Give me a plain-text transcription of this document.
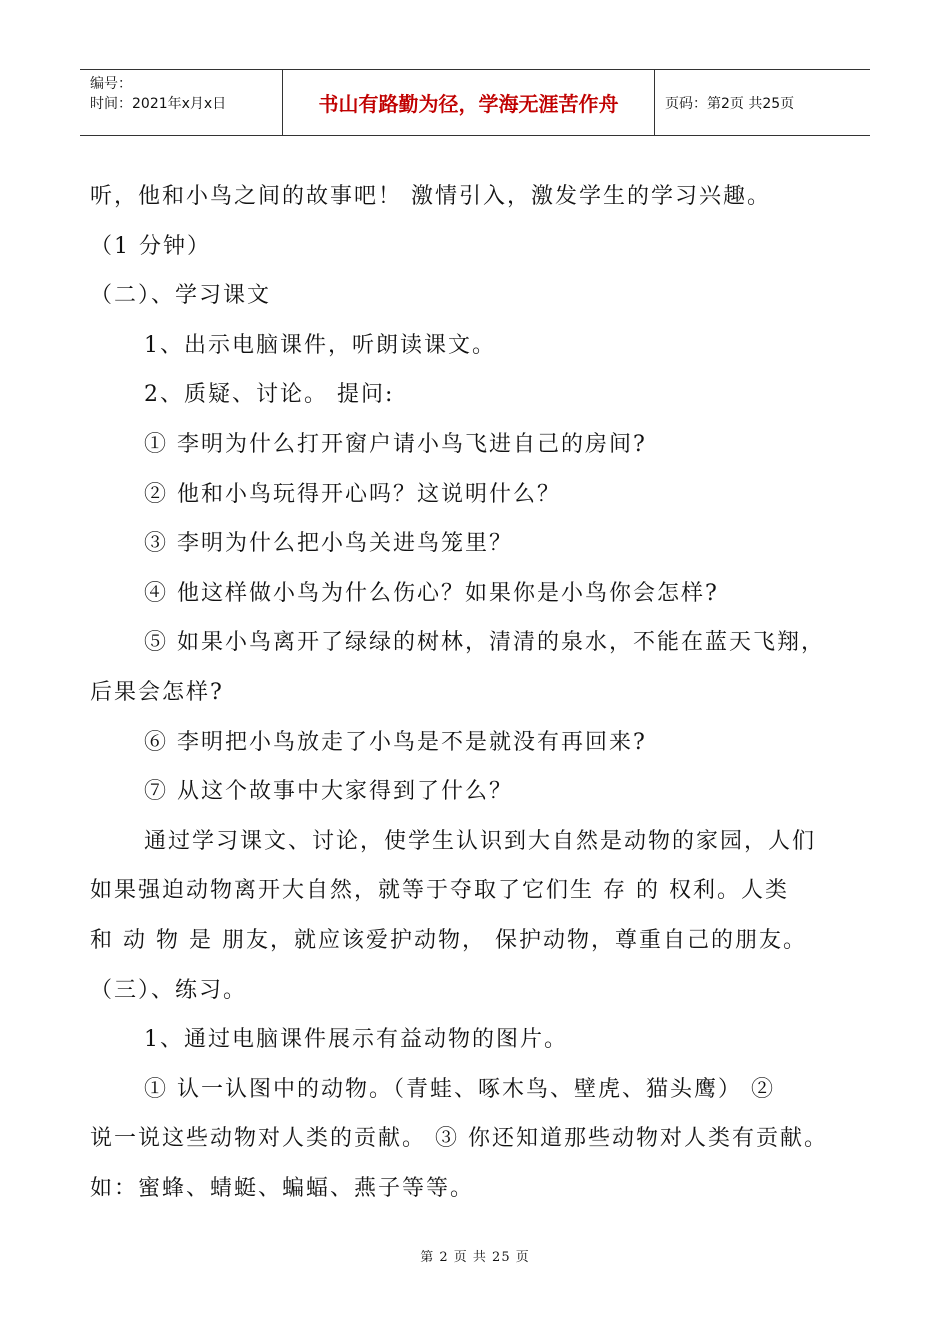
编号：
时间：2021年x月x日	书山有路勤为径，学海无涯苦作舟	页码：第2页 共25页
听，他和小鸟之间的故事吧！ 激情引入，激发学生的学习兴趣。
（1 分钟）
（二）、学习课文
1、出示电脑课件，听朗读课文。
2、质疑、讨论。 提问:
① 李明为什么打开窗户请小鸟飞进自己的房间?
② 他和小鸟玩得开心吗？这说明什么？
③ 李明为什么把小鸟关进鸟笼里？
④ 他这样做小鸟为什么伤心？如果你是小鸟你会怎样?
⑤ 如果小鸟离开了绿绿的树林，清清的泉水，不能在蓝天飞翔，
后果会怎样?
⑥ 李明把小鸟放走了小鸟是不是就没有再回来?
⑦ 从这个故事中大家得到了什么？
通过学习课文、讨论，使学生认识到大自然是动物的家园，人们
如果强迫动物离开大自然，就等于夺取了它们生 存 的 权利。人类
和 动 物 是 朋友，就应该爱护动物， 保护动物，尊重自己的朋友。
（三）、练习。
1、通过电脑课件展示有益动物的图片。
① 认一认图中的动物。（青蛙、啄木鸟、壁虎、猫头鹰） ②
说一说这些动物对人类的贡献。 ③ 你还知道那些动物对人类有贡献。
如：蜜蜂、蜻蜓、蝙蝠、燕子等等。
第 2 页 共 25 页
